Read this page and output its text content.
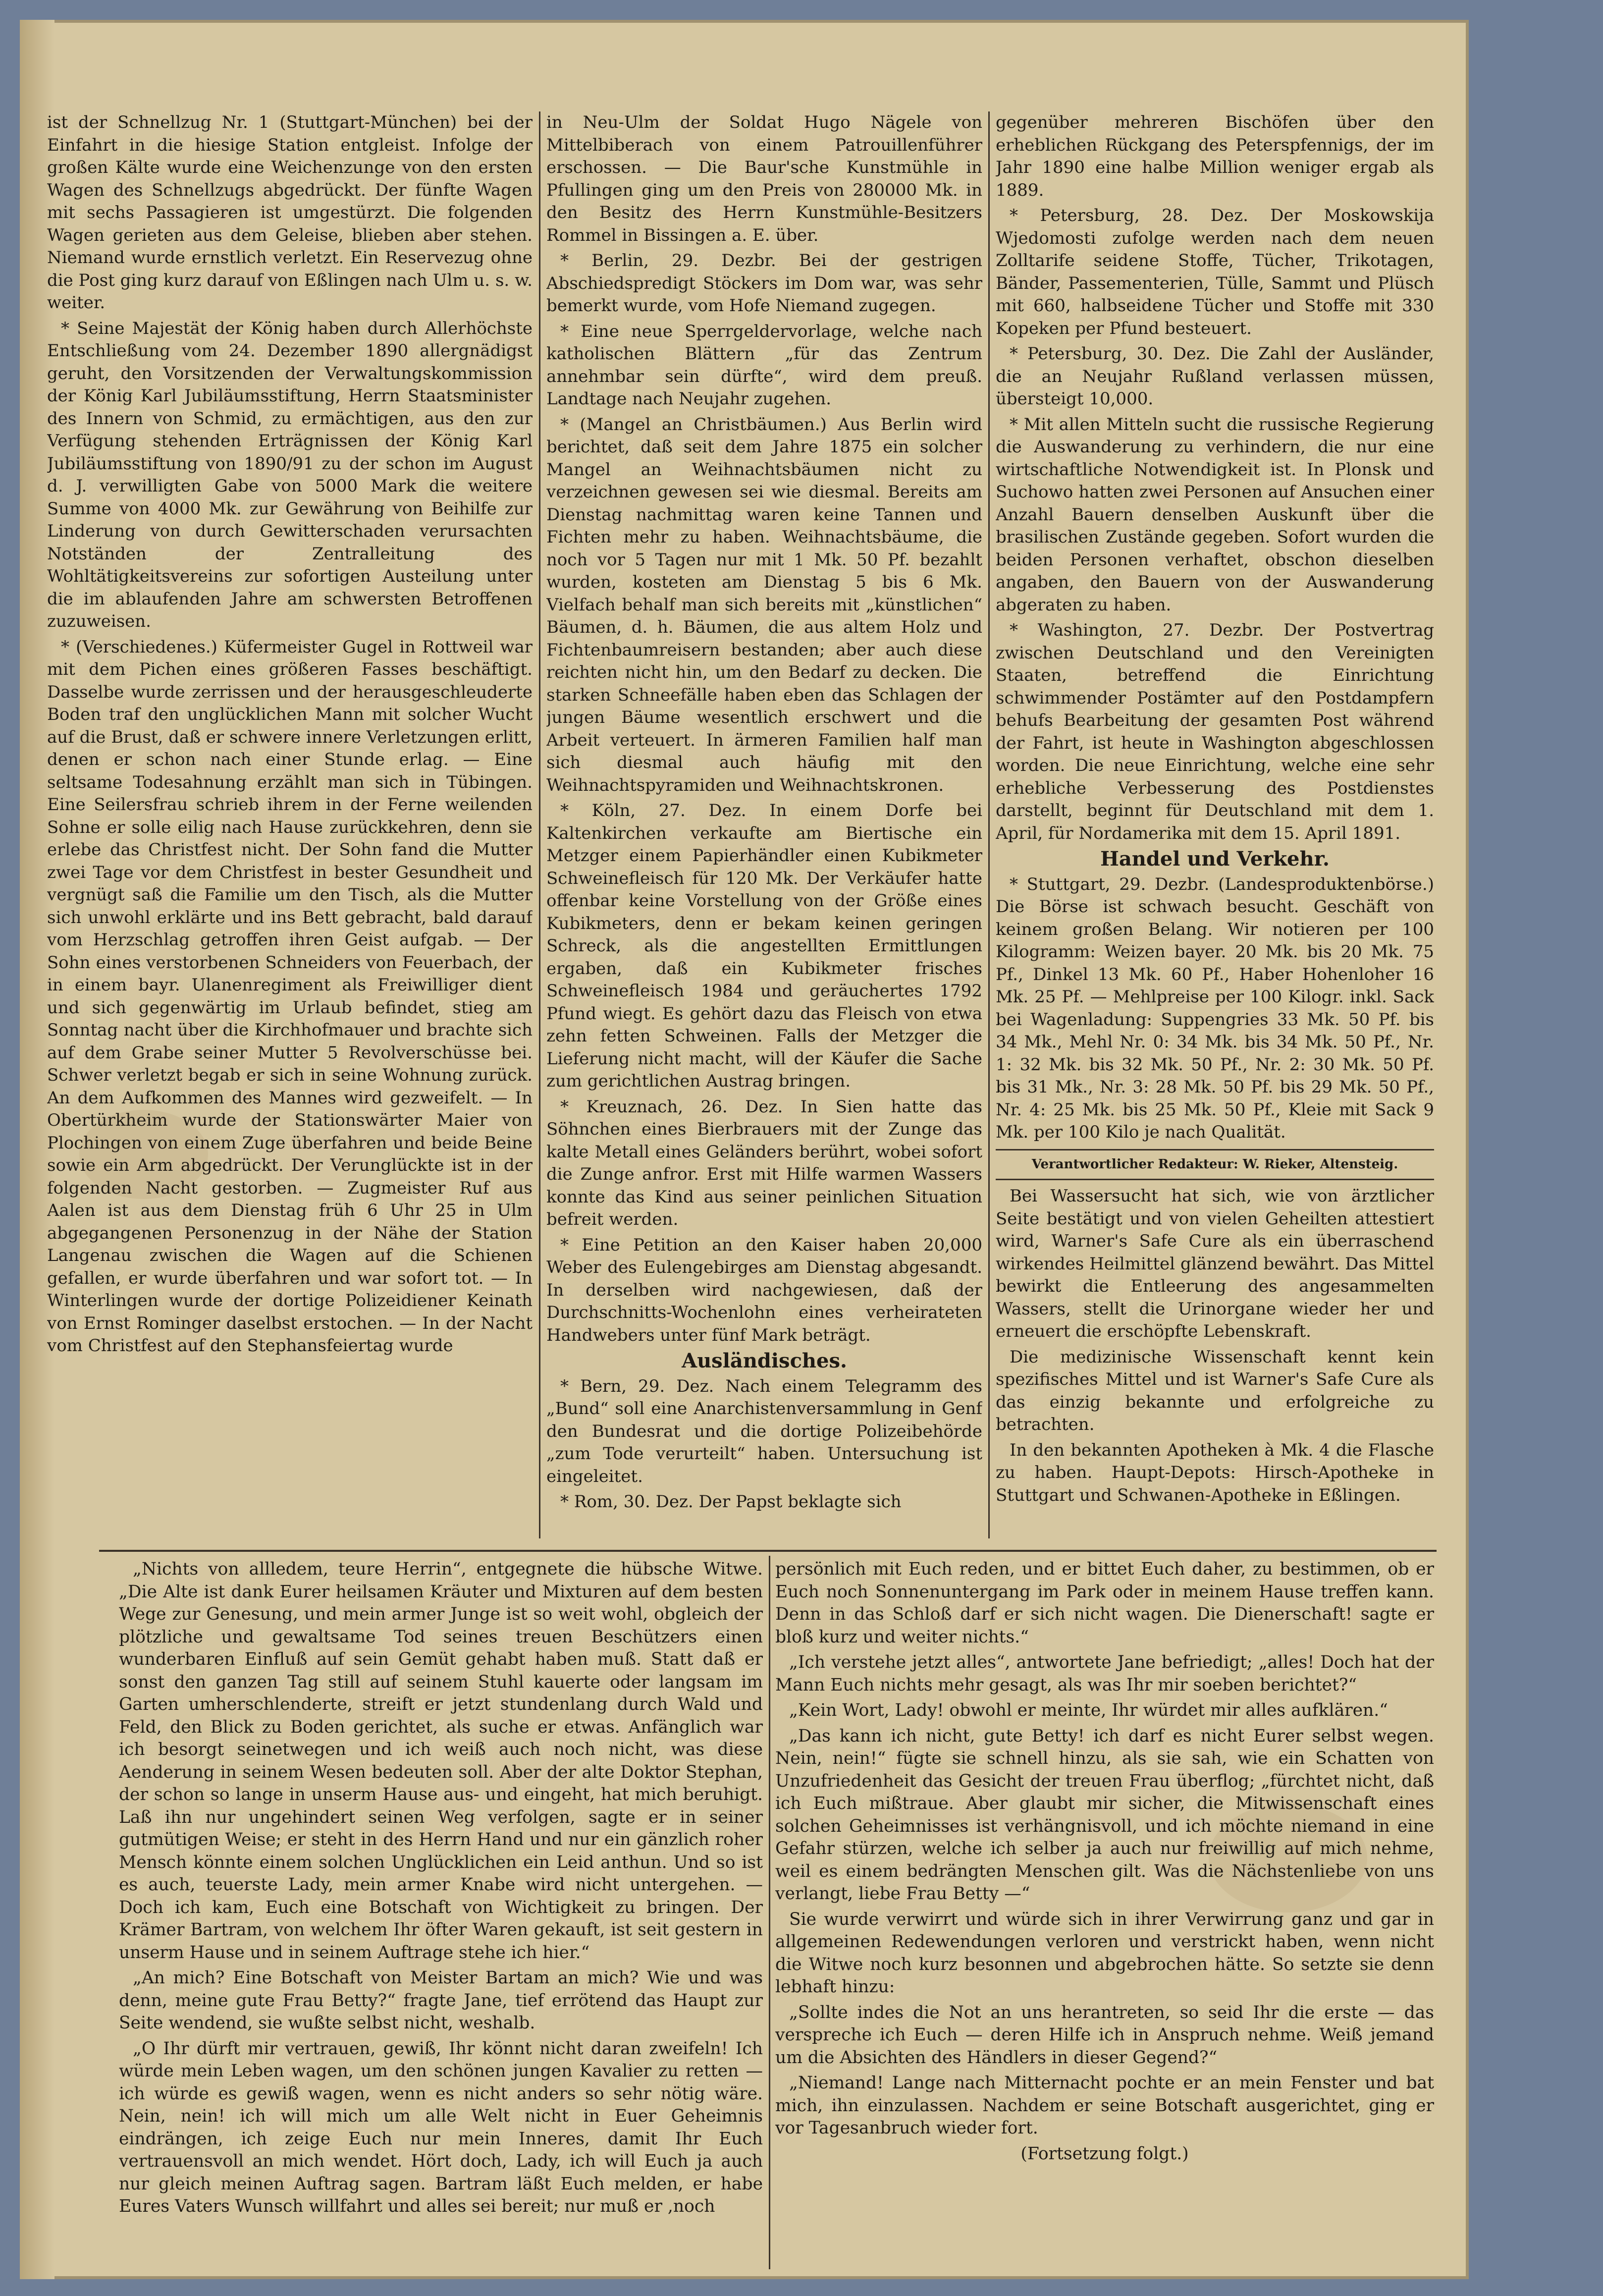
ist der Schnellzug Nr. 1 (Stuttgart-München) bei der Einfahrt in die hiesige Station entgleist. Infolge der großen Kälte wurde eine Weichenzunge von den ersten Wagen des Schnellzugs abgedrückt. Der fünfte Wagen mit sechs Passagieren ist umgestürzt. Die folgenden Wagen gerieten aus dem Geleise, blieben aber stehen. Niemand wurde ernstlich verletzt. Ein Reservezug ohne die Post ging kurz darauf von Eßlingen nach Ulm u. s. w. weiter.

* Seine Majestät der König haben durch Allerhöchste Entschließung vom 24. Dezember 1890 allergnädigst geruht, den Vorsitzenden der Verwaltungskommission der König Karl Jubiläumsstiftung, Herrn Staatsminister des Innern von Schmid, zu ermächtigen, aus den zur Verfügung stehenden Erträgnissen der König Karl Jubiläumsstiftung von 1890/91 zu der schon im August d. J. verwilligten Gabe von 5000 Mark die weitere Summe von 4000 Mk. zur Gewährung von Beihilfe zur Linderung von durch Gewitterschaden verursachten Notständen der Zentralleitung des Wohltätigkeitsvereins zur sofortigen Austeilung unter die im ablaufenden Jahre am schwersten Betroffenen zuzuweisen.

* (Verschiedenes.) Küfermeister Gugel in Rottweil war mit dem Pichen eines größeren Fasses beschäftigt. Dasselbe wurde zerrissen und der herausgeschleuderte Boden traf den unglücklichen Mann mit solcher Wucht auf die Brust, daß er schwere innere Verletzungen erlitt, denen er schon nach einer Stunde erlag. — Eine seltsame Todesahnung erzählt man sich in Tübingen. Eine Seilersfrau schrieb ihrem in der Ferne weilenden Sohne er solle eilig nach Hause zurückkehren, denn sie erlebe das Christfest nicht. Der Sohn fand die Mutter zwei Tage vor dem Christfest in bester Gesundheit und vergnügt saß die Familie um den Tisch, als die Mutter sich unwohl erklärte und ins Bett gebracht, bald darauf vom Herzschlag getroffen ihren Geist aufgab. — Der Sohn eines verstorbenen Schneiders von Feuerbach, der in einem bayr. Ulanenregiment als Freiwilliger dient und sich gegenwärtig im Urlaub befindet, stieg am Sonntag nacht über die Kirchhofmauer und brachte sich auf dem Grabe seiner Mutter 5 Revolverschüsse bei. Schwer verletzt begab er sich in seine Wohnung zurück. An dem Aufkommen des Mannes wird gezweifelt. — In Obertürkheim wurde der Stationswärter Maier von Plochingen von einem Zuge überfahren und beide Beine sowie ein Arm abgedrückt. Der Verunglückte ist in der folgenden Nacht gestorben. — Zugmeister Ruf aus Aalen ist aus dem Dienstag früh 6 Uhr 25 in Ulm abgegangenen Personenzug in der Nähe der Station Langenau zwischen die Wagen auf die Schienen gefallen, er wurde überfahren und war sofort tot. — In Winterlingen wurde der dortige Polizeidiener Keinath von Ernst Rominger daselbst erstochen. — In der Nacht vom Christfest auf den Stephansfeiertag wurde

in Neu-Ulm der Soldat Hugo Nägele von Mittelbiberach von einem Patrouillenführer erschossen. — Die Baur'sche Kunstmühle in Pfullingen ging um den Preis von 280000 Mk. in den Besitz des Herrn Kunstmühle-Besitzers Rommel in Bissingen a. E. über.

* Berlin, 29. Dezbr. Bei der gestrigen Abschiedspredigt Stöckers im Dom war, was sehr bemerkt wurde, vom Hofe Niemand zugegen.

* Eine neue Sperrgeldervorlage, welche nach katholischen Blättern „für das Zentrum annehmbar sein dürfte“, wird dem preuß. Landtage nach Neujahr zugehen.

* (Mangel an Christbäumen.) Aus Berlin wird berichtet, daß seit dem Jahre 1875 ein solcher Mangel an Weihnachtsbäumen nicht zu verzeichnen gewesen sei wie diesmal. Bereits am Dienstag nachmittag waren keine Tannen und Fichten mehr zu haben. Weihnachtsbäume, die noch vor 5 Tagen nur mit 1 Mk. 50 Pf. bezahlt wurden, kosteten am Dienstag 5 bis 6 Mk. Vielfach behalf man sich bereits mit „künstlichen“ Bäumen, d. h. Bäumen, die aus altem Holz und Fichtenbaumreisern bestanden; aber auch diese reichten nicht hin, um den Bedarf zu decken. Die starken Schneefälle haben eben das Schlagen der jungen Bäume wesentlich erschwert und die Arbeit verteuert. In ärmeren Familien half man sich diesmal auch häufig mit den Weihnachtspyramiden und Weihnachtskronen.

* Köln, 27. Dez. In einem Dorfe bei Kaltenkirchen verkaufte am Biertische ein Metzger einem Papierhändler einen Kubikmeter Schweinefleisch für 120 Mk. Der Verkäufer hatte offenbar keine Vorstellung von der Größe eines Kubikmeters, denn er bekam keinen geringen Schreck, als die angestellten Ermittlungen ergaben, daß ein Kubikmeter frisches Schweinefleisch 1984 und geräuchertes 1792 Pfund wiegt. Es gehört dazu das Fleisch von etwa zehn fetten Schweinen. Falls der Metzger die Lieferung nicht macht, will der Käufer die Sache zum gerichtlichen Austrag bringen.

* Kreuznach, 26. Dez. In Sien hatte das Söhnchen eines Bierbrauers mit der Zunge das kalte Metall eines Geländers berührt, wobei sofort die Zunge anfror. Erst mit Hilfe warmen Wassers konnte das Kind aus seiner peinlichen Situation befreit werden.

* Eine Petition an den Kaiser haben 20,000 Weber des Eulengebirges am Dienstag abgesandt. In derselben wird nachgewiesen, daß der Durchschnitts-Wochenlohn eines verheirateten Handwebers unter fünf Mark beträgt.

Ausländisches.

* Bern, 29. Dez. Nach einem Telegramm des „Bund“ soll eine Anarchistenversammlung in Genf den Bundesrat und die dortige Polizeibehörde „zum Tode verurteilt“ haben. Untersuchung ist eingeleitet.

* Rom, 30. Dez. Der Papst beklagte sich

gegenüber mehreren Bischöfen über den erheblichen Rückgang des Peterspfennigs, der im Jahr 1890 eine halbe Million weniger ergab als 1889.

* Petersburg, 28. Dez. Der Moskowskija Wjedomosti zufolge werden nach dem neuen Zolltarife seidene Stoffe, Tücher, Trikotagen, Bänder, Passementerien, Tülle, Sammt und Plüsch mit 660, halbseidene Tücher und Stoffe mit 330 Kopeken per Pfund besteuert.

* Petersburg, 30. Dez. Die Zahl der Ausländer, die an Neujahr Rußland verlassen müssen, übersteigt 10,000.

* Mit allen Mitteln sucht die russische Regierung die Auswanderung zu verhindern, die nur eine wirtschaftliche Notwendigkeit ist. In Plonsk und Suchowo hatten zwei Personen auf Ansuchen einer Anzahl Bauern denselben Auskunft über die brasilischen Zustände gegeben. Sofort wurden die beiden Personen verhaftet, obschon dieselben angaben, den Bauern von der Auswanderung abgeraten zu haben.

* Washington, 27. Dezbr. Der Postvertrag zwischen Deutschland und den Vereinigten Staaten, betreffend die Einrichtung schwimmender Postämter auf den Postdampfern behufs Bearbeitung der gesamten Post während der Fahrt, ist heute in Washington abgeschlossen worden. Die neue Einrichtung, welche eine sehr erhebliche Verbesserung des Postdienstes darstellt, beginnt für Deutschland mit dem 1. April, für Nordamerika mit dem 15. April 1891.

Handel und Verkehr.

* Stuttgart, 29. Dezbr. (Landesproduktenbörse.) Die Börse ist schwach besucht. Geschäft von keinem großen Belang. Wir notieren per 100 Kilogramm: Weizen bayer. 20 Mk. bis 20 Mk. 75 Pf., Dinkel 13 Mk. 60 Pf., Haber Hohenloher 16 Mk. 25 Pf. — Mehlpreise per 100 Kilogr. inkl. Sack bei Wagenladung: Suppengries 33 Mk. 50 Pf. bis 34 Mk., Mehl Nr. 0: 34 Mk. bis 34 Mk. 50 Pf., Nr. 1: 32 Mk. bis 32 Mk. 50 Pf., Nr. 2: 30 Mk. 50 Pf. bis 31 Mk., Nr. 3: 28 Mk. 50 Pf. bis 29 Mk. 50 Pf., Nr. 4: 25 Mk. bis 25 Mk. 50 Pf., Kleie mit Sack 9 Mk. per 100 Kilo je nach Qualität.

Verantwortlicher Redakteur: W. Rieker, Altensteig.

Bei Wassersucht hat sich, wie von ärztlicher Seite bestätigt und von vielen Geheilten attestiert wird, Warner's Safe Cure als ein überraschend wirkendes Heilmittel glänzend bewährt. Das Mittel bewirkt die Entleerung des angesammelten Wassers, stellt die Urinorgane wieder her und erneuert die erschöpfte Lebenskraft.

Die medizinische Wissenschaft kennt kein spezifisches Mittel und ist Warner's Safe Cure als das einzig bekannte und erfolgreiche zu betrachten.

In den bekannten Apotheken à Mk. 4 die Flasche zu haben. Haupt-Depots: Hirsch-Apotheke in Stuttgart und Schwanen-Apotheke in Eßlingen.

„Nichts von allledem, teure Herrin“, entgegnete die hübsche Witwe. „Die Alte ist dank Eurer heilsamen Kräuter und Mixturen auf dem besten Wege zur Genesung, und mein armer Junge ist so weit wohl, obgleich der plötzliche und gewaltsame Tod seines treuen Beschützers einen wunderbaren Einfluß auf sein Gemüt gehabt haben muß. Statt daß er sonst den ganzen Tag still auf seinem Stuhl kauerte oder langsam im Garten umherschlenderte, streift er jetzt stundenlang durch Wald und Feld, den Blick zu Boden gerichtet, als suche er etwas. Anfänglich war ich besorgt seinetwegen und ich weiß auch noch nicht, was diese Aenderung in seinem Wesen bedeuten soll. Aber der alte Doktor Stephan, der schon so lange in unserm Hause aus- und eingeht, hat mich beruhigt. Laß ihn nur ungehindert seinen Weg verfolgen, sagte er in seiner gutmütigen Weise; er steht in des Herrn Hand und nur ein gänzlich roher Mensch könnte einem solchen Unglücklichen ein Leid anthun. Und so ist es auch, teuerste Lady, mein armer Knabe wird nicht untergehen. — Doch ich kam, Euch eine Botschaft von Wichtigkeit zu bringen. Der Krämer Bartram, von welchem Ihr öfter Waren gekauft, ist seit gestern in unserm Hause und in seinem Auftrage stehe ich hier.“

„An mich? Eine Botschaft von Meister Bartam an mich? Wie und was denn, meine gute Frau Betty?“ fragte Jane, tief errötend das Haupt zur Seite wendend, sie wußte selbst nicht, weshalb.

„O Ihr dürft mir vertrauen, gewiß, Ihr könnt nicht daran zweifeln! Ich würde mein Leben wagen, um den schönen jungen Kavalier zu retten — ich würde es gewiß wagen, wenn es nicht anders so sehr nötig wäre. Nein, nein! ich will mich um alle Welt nicht in Euer Geheimnis eindrängen, ich zeige Euch nur mein Inneres, damit Ihr Euch vertrauensvoll an mich wendet. Hört doch, Lady, ich will Euch ja auch nur gleich meinen Auftrag sagen. Bartram läßt Euch melden, er habe Eures Vaters Wunsch willfahrt und alles sei bereit; nur muß er ,noch

persönlich mit Euch reden, und er bittet Euch daher, zu bestimmen, ob er Euch noch Sonnenuntergang im Park oder in meinem Hause treffen kann. Denn in das Schloß darf er sich nicht wagen. Die Dienerschaft! sagte er bloß kurz und weiter nichts.“

„Ich verstehe jetzt alles“, antwortete Jane befriedigt; „alles! Doch hat der Mann Euch nichts mehr gesagt, als was Ihr mir soeben berichtet?“

„Kein Wort, Lady! obwohl er meinte, Ihr würdet mir alles aufklären.“

„Das kann ich nicht, gute Betty! ich darf es nicht Eurer selbst wegen. Nein, nein!“ fügte sie schnell hinzu, als sie sah, wie ein Schatten von Unzufriedenheit das Gesicht der treuen Frau überflog; „fürchtet nicht, daß ich Euch mißtraue. Aber glaubt mir sicher, die Mitwissenschaft eines solchen Geheimnisses ist verhängnisvoll, und ich möchte niemand in eine Gefahr stürzen, welche ich selber ja auch nur freiwillig auf mich nehme, weil es einem bedrängten Menschen gilt. Was die Nächstenliebe von uns verlangt, liebe Frau Betty —“

Sie wurde verwirrt und würde sich in ihrer Verwirrung ganz und gar in allgemeinen Redewendungen verloren und verstrickt haben, wenn nicht die Witwe noch kurz besonnen und abgebrochen hätte. So setzte sie denn lebhaft hinzu:

„Sollte indes die Not an uns herantreten, so seid Ihr die erste — das verspreche ich Euch — deren Hilfe ich in Anspruch nehme. Weiß jemand um die Absichten des Händlers in dieser Gegend?“

„Niemand! Lange nach Mitternacht pochte er an mein Fenster und bat mich, ihn einzulassen. Nachdem er seine Botschaft ausgerichtet, ging er vor Tagesanbruch wieder fort.

(Fortsetzung folgt.)
